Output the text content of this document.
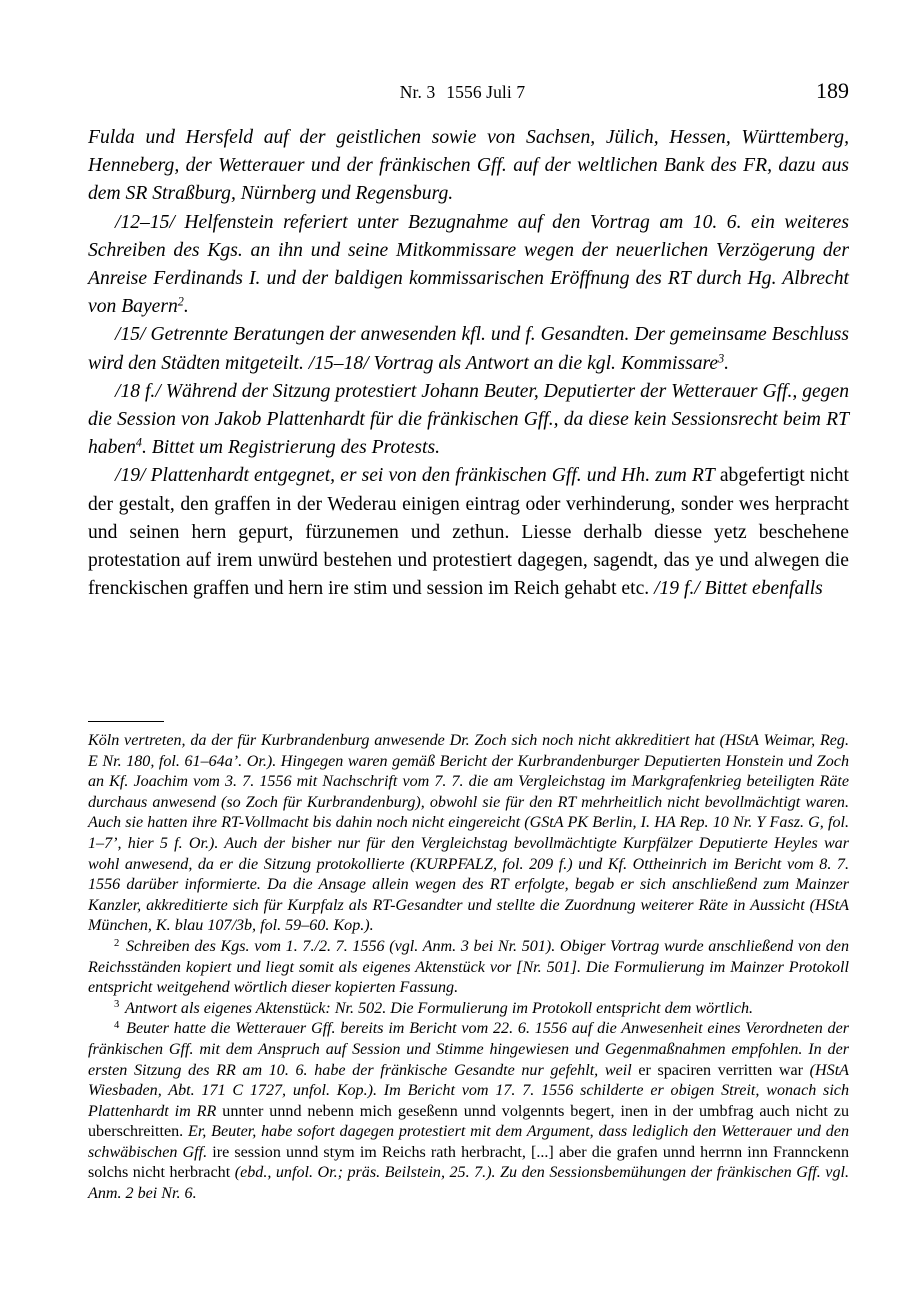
Nr. 3 1556 Juli 7	189

Fulda und Hersfeld auf der geistlichen sowie von Sachsen, Jülich, Hessen, Württemberg, Henneberg, der Wetterauer und der fränkischen Gff. auf der weltlichen Bank des FR, dazu aus dem SR Straßburg, Nürnberg und Regensburg.

/12–15/ Helfenstein referiert unter Bezugnahme auf den Vortrag am 10. 6. ein weiteres Schreiben des Kgs. an ihn und seine Mitkommissare wegen der neuerlichen Verzögerung der Anreise Ferdinands I. und der baldigen kommissarischen Eröffnung des RT durch Hg. Albrecht von Bayern$^2$.

/15/ Getrennte Beratungen der anwesenden kfl. und f. Gesandten. Der gemeinsame Beschluss wird den Städten mitgeteilt. /15–18/ Vortrag als Antwort an die kgl. Kommissare$^3$.

/18 f./ Während der Sitzung protestiert Johann Beuter, Deputierter der Wetterauer Gff., gegen die Session von Jakob Plattenhardt für die fränkischen Gff., da diese kein Sessionsrecht beim RT haben$^4$. Bittet um Registrierung des Protests.

/19/ Plattenhardt entgegnet, er sei von den fränkischen Gff. und Hh. zum RT abgefertigt nicht der gestalt, den graffen in der Wederau einigen eintrag oder verhinderung, sonder wes herpracht und seinen hern gepurt, fürzunemen und zethun. Liesse derhalb diesse yetz beschehene protestation auf irem unwürd bestehen und protestiert dagegen, sagendt, das ye und alwegen die frenckischen graffen und hern ire stim und session im Reich gehabt etc. /19 f./ Bittet ebenfalls

Köln vertreten, da der für Kurbrandenburg anwesende Dr. Zoch sich noch nicht akkreditiert hat (HStA Weimar, Reg. E Nr. 180, fol. 61–64a’. Or.). Hingegen waren gemäß Bericht der Kurbrandenburger Deputierten Honstein und Zoch an Kf. Joachim vom 3. 7. 1556 mit Nachschrift vom 7. 7. die am Vergleichstag im Markgrafenkrieg beteiligten Räte durchaus anwesend (so Zoch für Kurbrandenburg), obwohl sie für den RT mehrheitlich nicht bevollmächtigt waren. Auch sie hatten ihre RT-Vollmacht bis dahin noch nicht eingereicht (GStA PK Berlin, I. HA Rep. 10 Nr. Y Fasz. G, fol. 1–7’, hier 5 f. Or.). Auch der bisher nur für den Vergleichstag bevollmächtigte Kurpfälzer Deputierte Heyles war wohl anwesend, da er die Sitzung protokollierte (KURPFALZ, fol. 209 f.) und Kf. Ottheinrich im Bericht vom 8. 7. 1556 darüber informierte. Da die Ansage allein wegen des RT erfolgte, begab er sich anschließend zum Mainzer Kanzler, akkreditierte sich für Kurpfalz als RT-Gesandter und stellte die Zuordnung weiterer Räte in Aussicht (HStA München, K. blau 107/3b, fol. 59–60. Kop.).

$^2$ Schreiben des Kgs. vom 1. 7./2. 7. 1556 (vgl. Anm. 3 bei Nr. 501). Obiger Vortrag wurde anschließend von den Reichsständen kopiert und liegt somit als eigenes Aktenstück vor [Nr. 501]. Die Formulierung im Mainzer Protokoll entspricht weitgehend wörtlich dieser kopierten Fassung.

$^3$ Antwort als eigenes Aktenstück: Nr. 502. Die Formulierung im Protokoll entspricht dem wörtlich.

$^4$ Beuter hatte die Wetterauer Gff. bereits im Bericht vom 22. 6. 1556 auf die Anwesenheit eines Verordneten der fränkischen Gff. mit dem Anspruch auf Session und Stimme hingewiesen und Gegenmaßnahmen empfohlen. In der ersten Sitzung des RR am 10. 6. habe der fränkische Gesandte nur gefehlt, weil er spaciren verritten war (HStA Wiesbaden, Abt. 171 C 1727, unfol. Kop.). Im Bericht vom 17. 7. 1556 schilderte er obigen Streit, wonach sich Plattenhardt im RR unnter unnd nebenn mich geseßenn unnd volgennts begert, inen in der umbfrag auch nicht zu uberschreitten. Er, Beuter, habe sofort dagegen protestiert mit dem Argument, dass lediglich den Wetterauer und den schwäbischen Gff. ire session unnd stym im Reichs rath herbracht, [...] aber die grafen unnd herrnn inn Frannckenn solchs nicht herbracht (ebd., unfol. Or.; präs. Beilstein, 25. 7.). Zu den Sessionsbemühungen der fränkischen Gff. vgl. Anm. 2 bei Nr. 6.
